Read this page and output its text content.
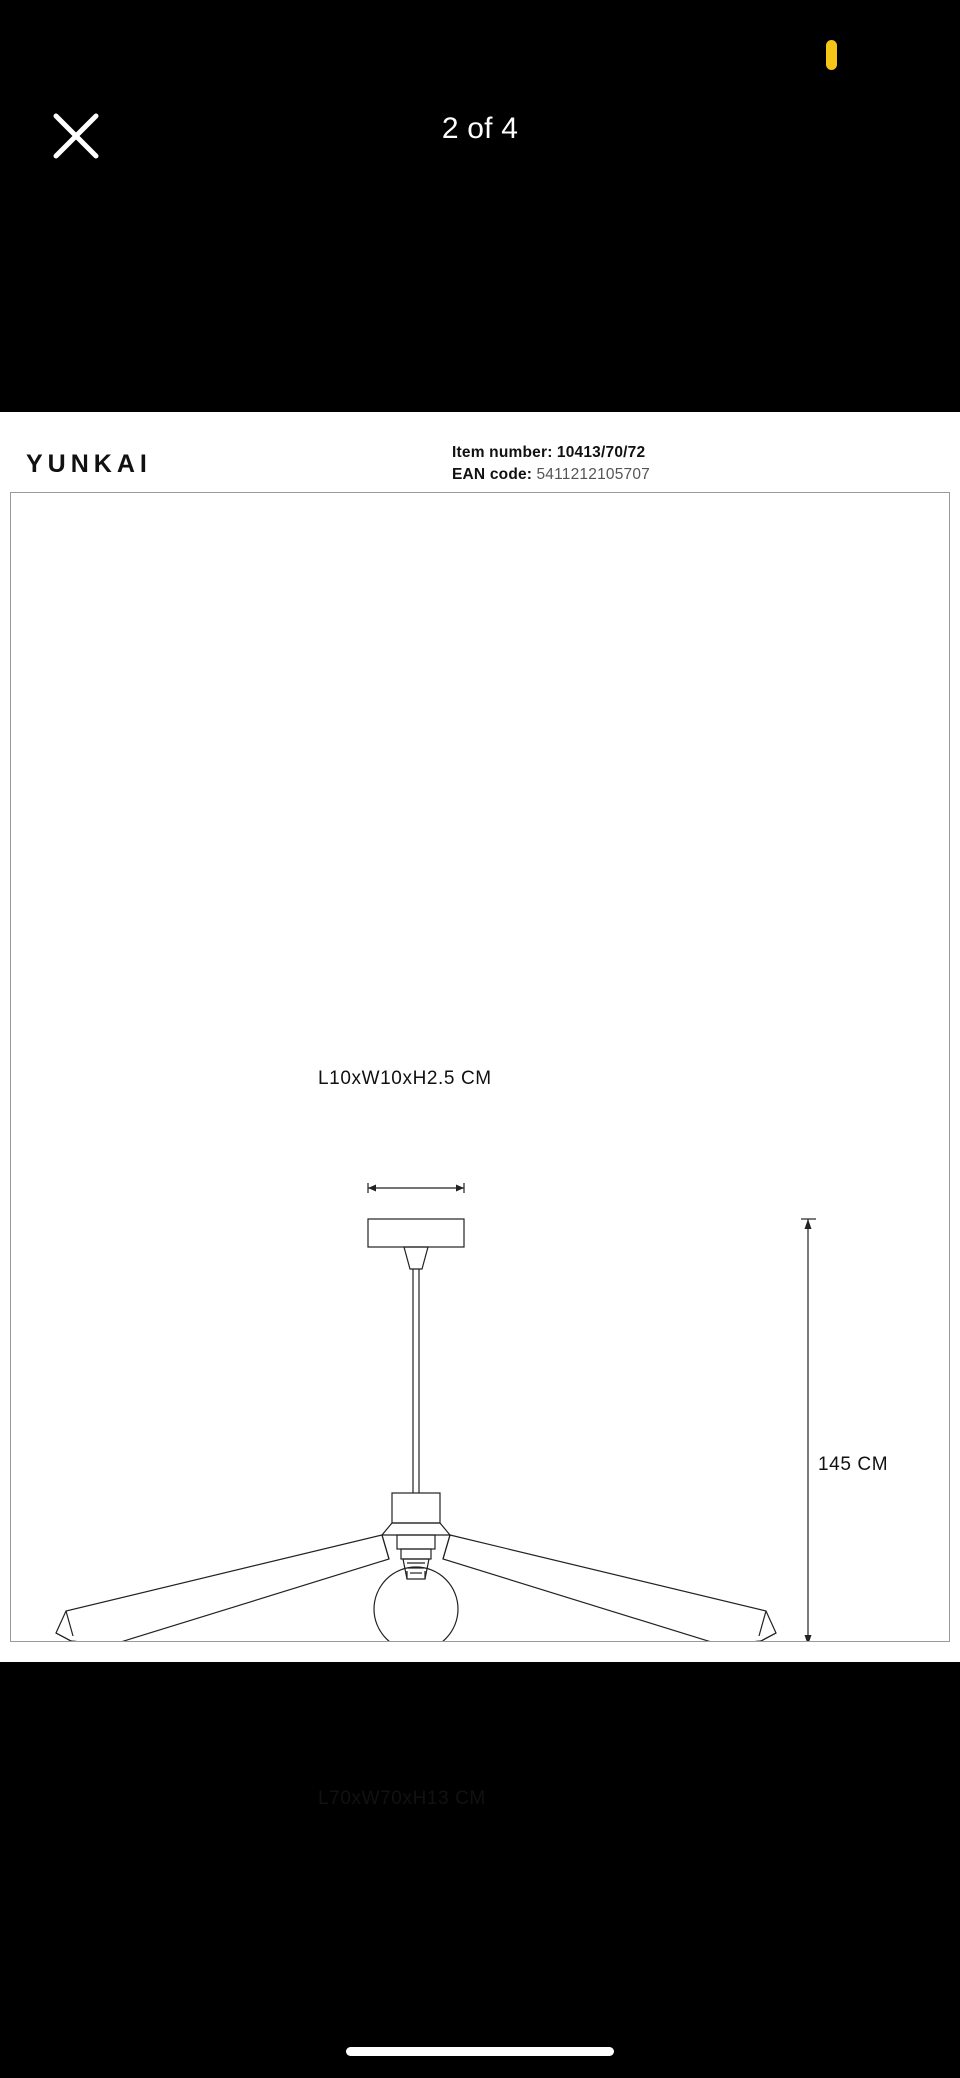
2 of 4
YUNKAI	Item number: 10413/70/72
EAN code: 5411212105707
L10xW10xH2.5 CM
145 CM
L70xW70xH13 CM
